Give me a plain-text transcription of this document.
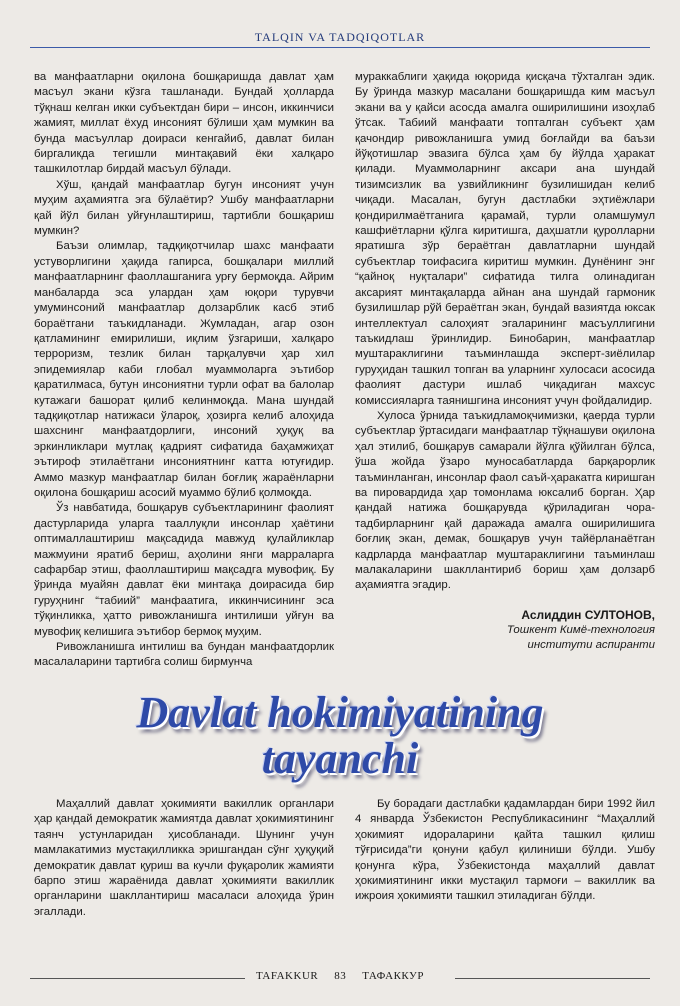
TALQIN VA TADQIQOTLAR

ва манфаатларни оқилона бошқаришда давлат ҳам масъул экани кўзга ташланади. Бундай ҳолларда тўқнаш келган икки субъектдан бири – инсон, иккинчиси жамият, миллат ёхуд инсоният бўлиши ҳам мумкин ва бунда масъуллар доираси кенгайиб, давлат билан биргаликда тегишли минтақавий ёки халқаро ташкилотлар бирдай масъул бўлади.

Хўш, қандай манфаатлар бугун инсоният учун муҳим аҳамиятга эга бўлаётир? Ушбу манфаатларни қай йўл билан уйғунлаштириш, тартибли бошқариш мумкин?

Баъзи олимлар, тадқиқотчилар шахс манфаати устуворлигини ҳақида гапирса, бошқалари миллий манфаатларнинг фаоллашганига урғу бермоқда. Айрим манбаларда эса улардан ҳам юқори турувчи умуминсоний манфаатлар долзарблик касб этиб бораётгани таъкидланади. Жумладан, агар озон қатламининг емирилиши, иқлим ўзгариши, халқаро терроризм, тезлик билан тарқалувчи ҳар хил эпидемиялар каби глобал муаммоларга эътибор қаратилмаса, бутун инсониятни турли офат ва балолар кутажаги башорат қилиб келинмоқда. Мана шундай тадқиқотлар натижаси ўлароқ, ҳозирга келиб алоҳида шахснинг манфаатдорлиги, инсоний ҳуқуқ ва эркинликлари мутлақ қадрият сифатида баҳамжиҳат эътироф этилаётгани инсониятнинг катта ютуғидир. Аммо мазкур манфаатлар билан боғлиқ жараёнларни оқилона бошқариш асосий муаммо бўлиб қолмоқда.

Ўз навбатида, бошқарув субъектларининг фаолият дастурларида уларга тааллуқли инсонлар ҳаётини оптималлаштириш мақсадида мавжуд қулайликлар мажмуини яратиб бериш, аҳолини янги марраларга сафарбар этиш, фаоллаштириш мақсадга мувофиқ. Бу ўринда муайян давлат ёки минтақа доирасида бир гуруҳнинг “табиий” манфаатига, иккинчисининг эса тўқинликка, ҳатто ривожланишга интилиши уйғун ва мувофиқ келишига эътибор бермоқ муҳим.

Ривожланишга интилиш ва бундан манфаатдорлик масалаларини тартибга солиш бирмунча

мураккаблиги ҳақида юқорида қисқача тўхталган эдик. Бу ўринда мазкур масалани бошқаришда ким масъул экани ва у қайси асосда амалга оширилишини изоҳлаб ўтсак. Табиий манфаати топталган субъект ҳам қачондир ривожланишга умид боғлайди ва баъзи йўқотишлар эвазига бўлса ҳам бу йўлда ҳаракат қилади. Муаммоларнинг аксари ана шундай тизимсизлик ва узвийликнинг бузилишидан келиб чиқади. Масалан, бугун дастлабки эҳтиёжлари қондирилмаётганига қарамай, турли оламшумул кашфиётларни қўлга киритишга, даҳшатли қуролларни яратишга зўр бераётган давлатларни шундай субъектлар тоифасига киритиш мумкин. Дунёнинг энг “қайноқ нуқталари” сифатида тилга олинадиган аксарият минтақаларда айнан ана шундай гармоник бузилишлар рўй бераётган экан, бундай вазиятда юксак интеллектуал салоҳият эгаларининг масъуллигини таъкидлаш ўринлидир. Бинобарин, манфаатлар муштараклигини таъминлашда эксперт-зиёлилар гуруҳидан ташкил топган ва уларнинг хулосаси асосида фаолият дастури ишлаб чиқадиган махсус комиссияларга таянишгина инсоният учун фойдалидир.

Хулоса ўрнида таъкидламоқчимизки, қаерда турли субъектлар ўртасидаги манфаатлар тўқнашуви оқилона ҳал этилиб, бошқарув самарали йўлга қўйилган бўлса, ўша жойда ўзаро муносабатларда барқарорлик таъминланган, инсонлар фаол саъй-ҳаракатга киришган ва пировардида ҳар томонлама юксалиб борган. Ҳар қандай натижа бошқарувда қўриладиган чора-тадбирларнинг қай даражада амалга оширилишига боғлиқ экан, демак, бошқарув учун тайёрланаётган кадрларда манфаатлар муштараклигини таъминлаш малакаларини шакллантириб бориш ҳам долзарб аҳамиятга эгадир.

Аслиддин СУЛТОНОВ,
Тошкент Кимё-технология
институти аспиранти
Davlat hokimiyatining
tayanchi

Маҳаллий давлат ҳокимияти вакиллик органлари ҳар қандай демократик жамиятда давлат ҳокимиятининг таянч устунларидан ҳисобланади. Шунинг учун мамлакатимиз мустақилликка эришгандан сўнг ҳуқуқий демократик давлат қуриш ва кучли фуқаролик жамияти барпо этиш жараёнида давлат ҳокимияти вакиллик органларини шакллантириш масаласи алоҳида ўрин эгаллади.

Бу борадаги дастлабки қадамлардан бири 1992 йил 4 январда Ўзбекистон Республикасининг “Маҳаллий ҳокимият идораларини қайта ташкил қилиш тўғрисида”ги қонуни қабул қилиниши бўлди. Ушбу қонунга кўра, Ўзбекистонда маҳаллий давлат ҳокимиятининг икки мустақил тармоғи – вакиллик ва ижроия ҳокимияти ташкил этиладиган бўлди.

TAFAKKUR 83 ТАФАККУР
